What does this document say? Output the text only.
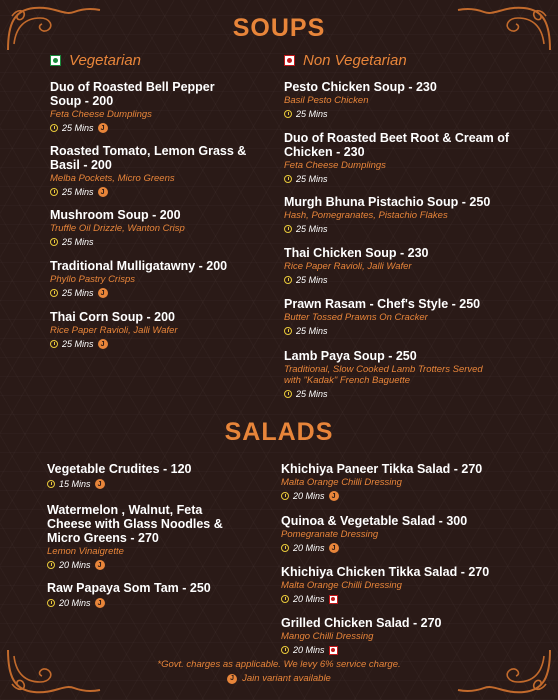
SOUPS
Vegetarian	Non Vegetarian
Duo of Roasted Bell Pepper Soup - 200
Feta Cheese Dumplings
25 Mins	J
Roasted Tomato, Lemon Grass & Basil - 200
Melba Pockets, Micro Greens
25 Mins	J
Mushroom Soup - 200
Truffle Oil Drizzle, Wanton Crisp
25 Mins
Traditional Mulligatawny - 200
Phyllo Pastry Crisps
25 Mins	J
Thai Corn Soup - 200
Rice Paper Ravioli, Jalli Wafer
25 Mins	J
Pesto Chicken Soup - 230
Basil Pesto Chicken
25 Mins
Duo of Roasted Beet Root & Cream of Chicken - 230
Feta Cheese Dumplings
25 Mins
Murgh Bhuna Pistachio Soup - 250
Hash, Pomegranates, Pistachio Flakes
25 Mins
Thai Chicken Soup - 230
Rice Paper Ravioli, Jalli Wafer
25 Mins
Prawn Rasam - Chef's Style - 250
Butter Tossed Prawns On Cracker
25 Mins
Lamb Paya Soup - 250
Traditional, Slow Cooked Lamb Trotters Served with "Kadak" French Baguette
25 Mins
SALADS
Vegetable Crudites - 120
15 Mins	J
Watermelon , Walnut, Feta Cheese with Glass Noodles & Micro Greens - 270
Lemon Vinaigrette
20 Mins	J
Raw Papaya Som Tam - 250
20 Mins	J
Khichiya Paneer Tikka Salad - 270
Malta Orange Chilli Dressing
20 Mins	J
Quinoa & Vegetable Salad - 300
Pomegranate Dressing
20 Mins	J
Khichiya Chicken Tikka Salad - 270
Malta Orange Chilli Dressing
20 Mins
Grilled Chicken Salad - 270
Mango Chilli Dressing
20 Mins
*Govt. charges as applicable. We levy 6% service charge.
J Jain variant available
